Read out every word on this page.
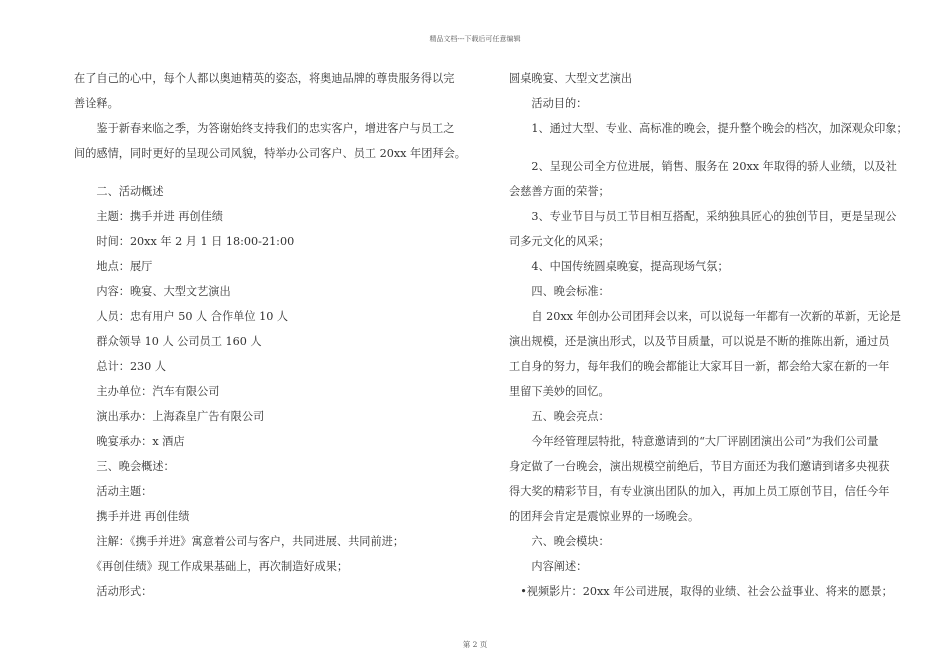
精品文档---下载后可任意编辑
在了自己的心中，每个人都以奥迪精英的姿态，将奥迪品牌的尊贵服务得以完
善诠释。
　　鉴于新春来临之季，为答谢始终支持我们的忠实客户，增进客户与员工之
间的感情，同时更好的呈现公司风貌，特举办公司客户、员工 20xx 年团拜会。
　　二、活动概述
　　主题：携手并进 再创佳绩
　　时间：20xx 年 2 月 1 日 18:00-21:00
　　地点：展厅
　　内容：晚宴、大型文艺演出
　　人员：忠有用户 50 人 合作单位 10 人
　　群众领导 10 人 公司员工 160 人
　　总计：230 人
　　主办单位：汽车有限公司
　　演出承办：上海森皇广告有限公司
　　晚宴承办：x 酒店
　　三、晚会概述：
　　活动主题：
　　携手并进 再创佳绩
　　注解：《携手并进》寓意着公司与客户，共同进展、共同前进；
　　《再创佳绩》现工作成果基础上，再次制造好成果；
　　活动形式：
圆桌晚宴、大型文艺演出
　　活动目的：
　　1、通过大型、专业、高标准的晚会，提升整个晚会的档次，加深观众印象；
　　2、呈现公司全方位进展，销售、服务在 20xx 年取得的骄人业绩，以及社
会慈善方面的荣誉；
　　3、专业节目与员工节目相互搭配，采纳独具匠心的独创节目，更是呈现公
司多元文化的风采；
　　4、中国传统圆桌晚宴，提高现场气氛；
　　四、晚会标准：
　　自 20xx 年创办公司团拜会以来，可以说每一年都有一次新的革新，无论是
演出规模，还是演出形式，以及节目质量，可以说是不断的推陈出新，通过员
工自身的努力，每年我们的晚会都能让大家耳目一新，都会给大家在新的一年
里留下美妙的回忆。
　　五、晚会亮点：
　　今年经管理层特批，特意邀请到的“大厂评剧团演出公司”为我们公司量
身定做了一台晚会，演出规模空前绝后，节目方面还为我们邀请到诸多央视获
得大奖的精彩节目，有专业演出团队的加入，再加上员工原创节目，信任今年
的团拜会肯定是震惊业界的一场晚会。
　　六、晚会模块：
　　内容阐述：
　•视频影片：20xx 年公司进展，取得的业绩、社会公益事业、将来的愿景；
第 2 页
